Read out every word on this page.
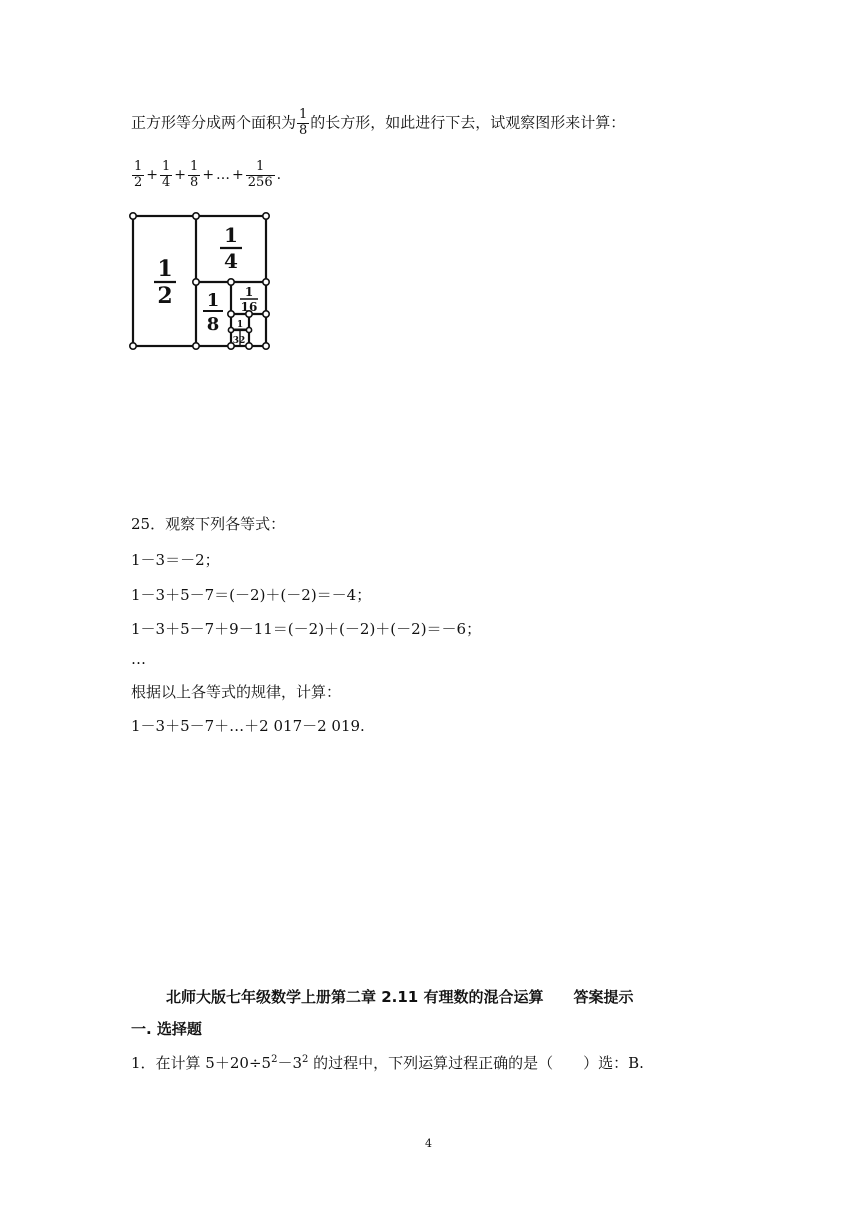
正方形等分成两个面积为 $\frac{1}{8}$ 的长方形，如此进行下去，试观察图形来计算：
$\frac{1}{2} + \frac{1}{4} + \frac{1}{8}$ + … + $\frac{1}{256}$ .
1
2
1
4
1
8
1
16
1
32
25．观察下列各等式：
1－3＝－2；
1－3＋5－7＝(－2)＋(－2)＝－4；
1－3＋5－7＋9－11＝(－2)＋(－2)＋(－2)＝－6；
…
根据以上各等式的规律，计算：
1－3＋5－7＋…＋2 017－2 019.
北师大版七年级数学上册第二章 2.11 有理数的混合运算 答案提示
一. 选择题
1．在计算 $5+20\div 5^2-3^2$ 的过程中，下列运算过程正确的是（　　）选：B.
4
